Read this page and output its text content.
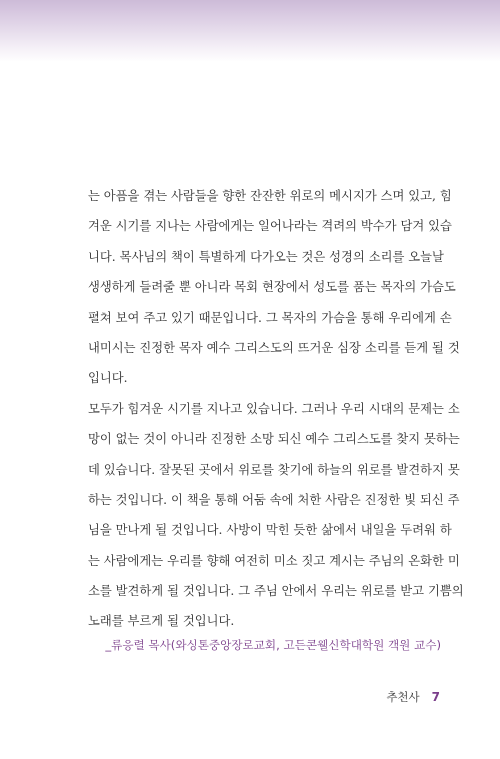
는 아픔을 겪는 사람들을 향한 잔잔한 위로의 메시지가 스며 있고, 힘
겨운 시기를 지나는 사람에게는 일어나라는 격려의 박수가 담겨 있습
니다. 목사님의 책이 특별하게 다가오는 것은 성경의 소리를 오늘날
생생하게 들려줄 뿐 아니라 목회 현장에서 성도를 품는 목자의 가슴도
펼쳐 보여 주고 있기 때문입니다. 그 목자의 가슴을 통해 우리에게 손
내미시는 진정한 목자 예수 그리스도의 뜨거운 심장 소리를 듣게 될 것
입니다.
모두가 힘겨운 시기를 지나고 있습니다. 그러나 우리 시대의 문제는 소
망이 없는 것이 아니라 진정한 소망 되신 예수 그리스도를 찾지 못하는
데 있습니다. 잘못된 곳에서 위로를 찾기에 하늘의 위로를 발견하지 못
하는 것입니다. 이 책을 통해 어둠 속에 처한 사람은 진정한 빛 되신 주
님을 만나게 될 것입니다. 사방이 막힌 듯한 삶에서 내일을 두려워 하
는 사람에게는 우리를 향해 여전히 미소 짓고 계시는 주님의 온화한 미
소를 발견하게 될 것입니다. 그 주님 안에서 우리는 위로를 받고 기쁨의
노래를 부르게 될 것입니다.
_류응렬 목사(와싱톤중앙장로교회, 고든콘웰신학대학원 객원 교수)
추천사 7
